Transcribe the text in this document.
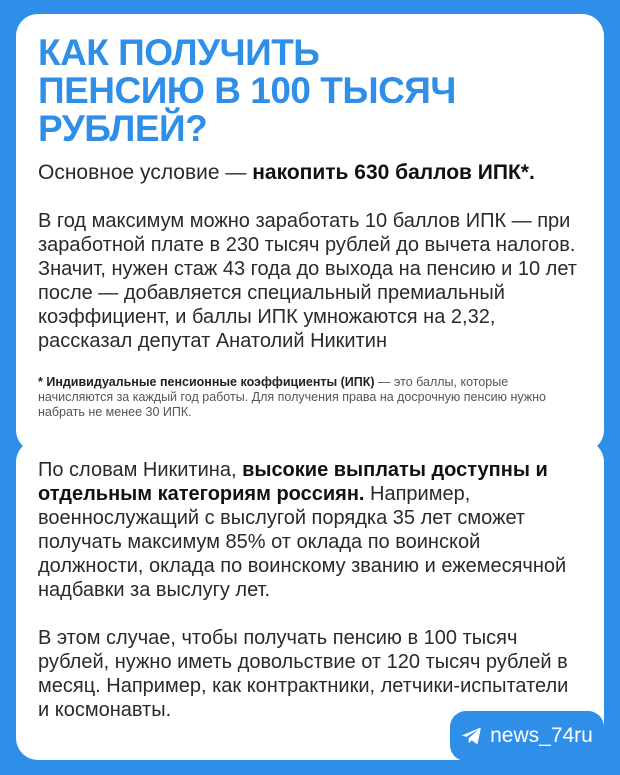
КАК ПОЛУЧИТЬ ПЕНСИЮ В 100 ТЫСЯЧ РУБЛЕЙ?

Основное условие — накопить 630 баллов ИПК*.

В год максимум можно заработать 10 баллов ИПК — при заработной плате в 230 тысяч рублей до вычета налогов. Значит, нужен стаж 43 года до выхода на пенсию и 10 лет после — добавляется специальный премиальный коэффициент, и баллы ИПК умножаются на 2,32, рассказал депутат Анатолий Никитин

* Индивидуальные пенсионные коэффициенты (ИПК) — это баллы, которые начисляются за каждый год работы. Для получения права на досрочную пенсию нужно набрать не менее 30 ИПК.

По словам Никитина, высокие выплаты доступны и отдельным категориям россиян. Например, военнослужащий с выслугой порядка 35 лет сможет получать максимум 85% от оклада по воинской должности, оклада по воинскому званию и ежемесячной надбавки за выслугу лет.

В этом случае, чтобы получать пенсию в 100 тысяч рублей, нужно иметь довольствие от 120 тысяч рублей в месяц. Например, как контрактники, летчики-испытатели и космонавты.

news_74ru
